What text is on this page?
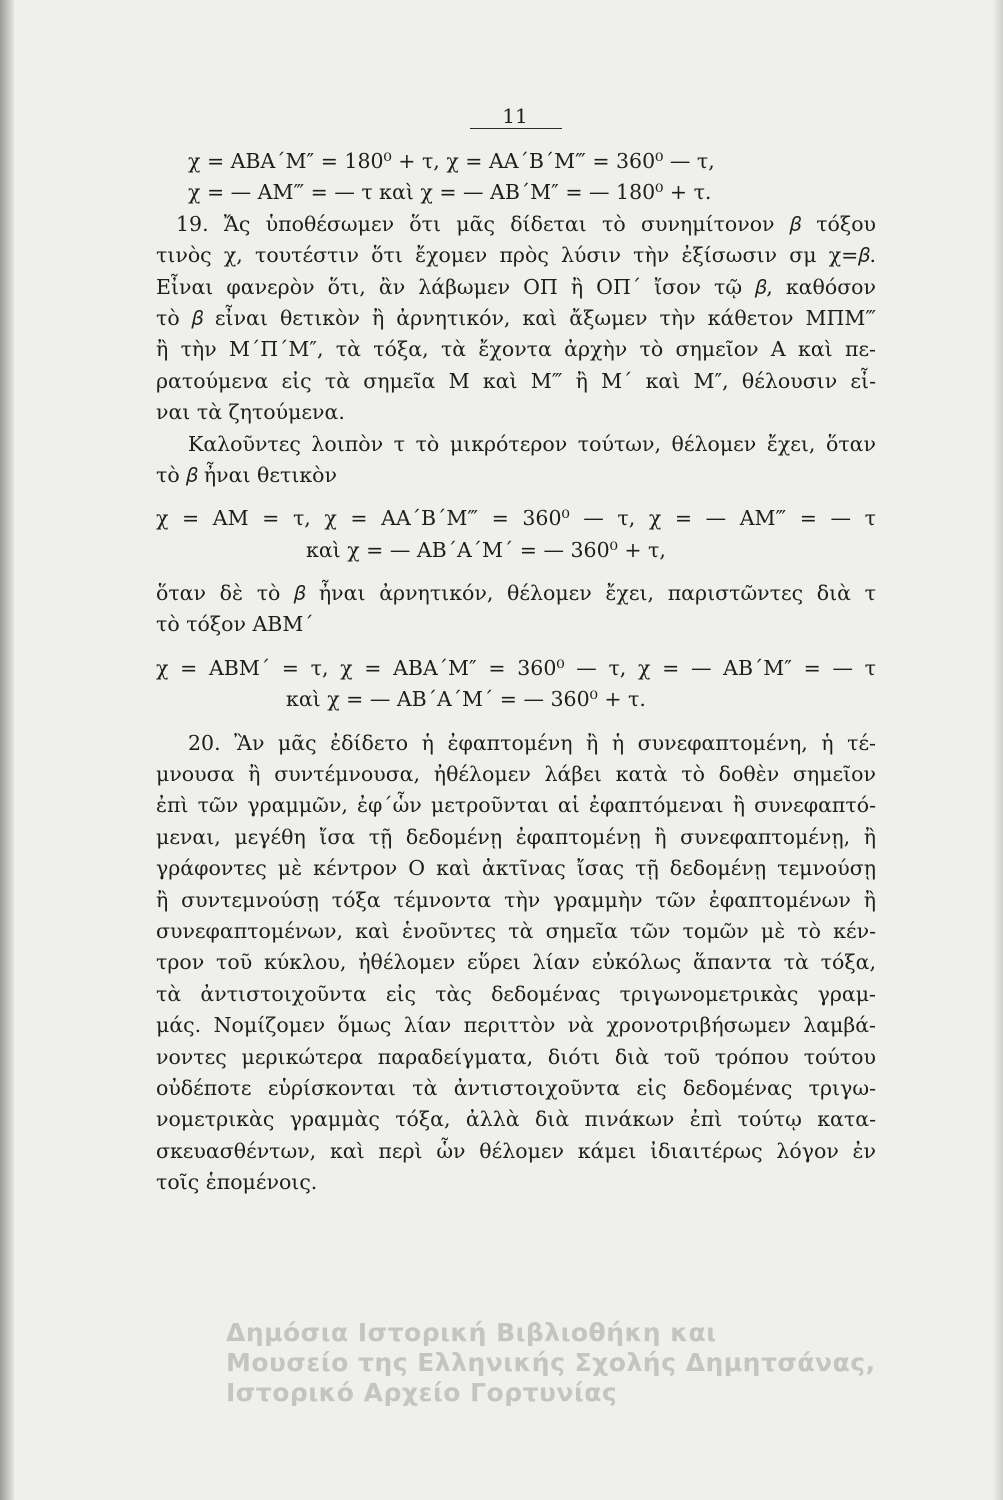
11
χ = ΑΒΑ΄Μ″ = 180⁰ + τ, χ = ΑΑ΄Β΄Μ‴ = 360⁰ — τ,
χ = — ΑΜ‴ = — τ καὶ χ = — ΑΒ΄Μ″ = — 180⁰ + τ.
19. Ἄς ὑποθέσωμεν ὅτι μᾶς δίδεται τὸ συνημίτονον 𝛽 τόξου
τινὸς χ, τουτέστιν ὅτι ἔχομεν πρὸς λύσιν τὴν ἐξίσωσιν σμ χ=𝛽.
Εἶναι φανερὸν ὅτι, ἂν λάβωμεν ΟΠ ἢ ΟΠ΄ ἴσον τῷ 𝛽, καθόσον
τὸ 𝛽 εἶναι θετικὸν ἢ ἀρνητικόν, καὶ ἄξωμεν τὴν κάθετον ΜΠΜ‴
ἢ τὴν Μ΄Π΄Μ″, τὰ τόξα, τὰ ἔχοντα ἀρχὴν τὸ σημεῖον Α καὶ πε-
ρατούμενα εἰς τὰ σημεῖα Μ καὶ Μ‴ ἢ Μ΄ καὶ Μ″, θέλουσιν εἶ-
ναι τὰ ζητούμενα.
Καλοῦντες λοιπὸν τ τὸ μικρότερον τούτων, θέλομεν ἔχει, ὅταν
τὸ 𝛽 ἦναι θετικὸν
χ = ΑΜ = τ, χ = ΑΑ΄Β΄Μ‴ = 360⁰ — τ, χ = — ΑΜ‴ = — τ
καὶ χ = — ΑΒ΄Α΄Μ΄ = — 360⁰ + τ,
ὅταν δὲ τὸ 𝛽 ἦναι ἀρνητικόν, θέλομεν ἔχει, παριστῶντες διὰ τ
τὸ τόξον ΑΒΜ΄
χ = ΑΒΜ΄ = τ, χ = ΑΒΑ΄Μ″ = 360⁰ — τ, χ = — ΑΒ΄Μ″ = — τ
καὶ χ = — ΑΒ΄Α΄Μ΄ = — 360⁰ + τ.
20. Ἂν μᾶς ἐδίδετο ἡ ἐφαπτομένη ἢ ἡ συνεφαπτομένη, ἡ τέ-
μνουσα ἢ συντέμνουσα, ἠθέλομεν λάβει κατὰ τὸ δοθὲν σημεῖον
ἐπὶ τῶν γραμμῶν, ἐφ΄ὧν μετροῦνται αἱ ἐφαπτόμεναι ἢ συνεφαπτό-
μεναι, μεγέθη ἴσα τῇ δεδομένῃ ἐφαπτομένῃ ἢ συνεφαπτομένῃ, ἢ
γράφοντες μὲ κέντρον Ο καὶ ἀκτῖνας ἴσας τῇ δεδομένῃ τεμνούσῃ
ἢ συντεμνούσῃ τόξα τέμνοντα τὴν γραμμὴν τῶν ἐφαπτομένων ἢ
συνεφαπτομένων, καὶ ἑνοῦντες τὰ σημεῖα τῶν τομῶν μὲ τὸ κέν-
τρον τοῦ κύκλου, ἠθέλομεν εὕρει λίαν εὐκόλως ἅπαντα τὰ τόξα,
τὰ ἀντιστοιχοῦντα εἰς τὰς δεδομένας τριγωνομετρικὰς γραμ-
μάς. Νομίζομεν ὅμως λίαν περιττὸν νὰ χρονοτριβήσωμεν λαμβά-
νοντες μερικώτερα παραδείγματα, διότι διὰ τοῦ τρόπου τούτου
οὐδέποτε εὑρίσκονται τὰ ἀντιστοιχοῦντα εἰς δεδομένας τριγω-
νομετρικὰς γραμμὰς τόξα, ἀλλὰ διὰ πινάκων ἐπὶ τούτῳ κατα-
σκευασθέντων, καὶ περὶ ὧν θέλομεν κάμει ἰδιαιτέρως λόγον ἐν
τοῖς ἑπομένοις.
Δημόσια Ιστορική Βιβλιοθήκη και
Μουσείο της Ελληνικής Σχολής Δημητσάνας,
Ιστορικό Αρχείο Γορτυνίας
